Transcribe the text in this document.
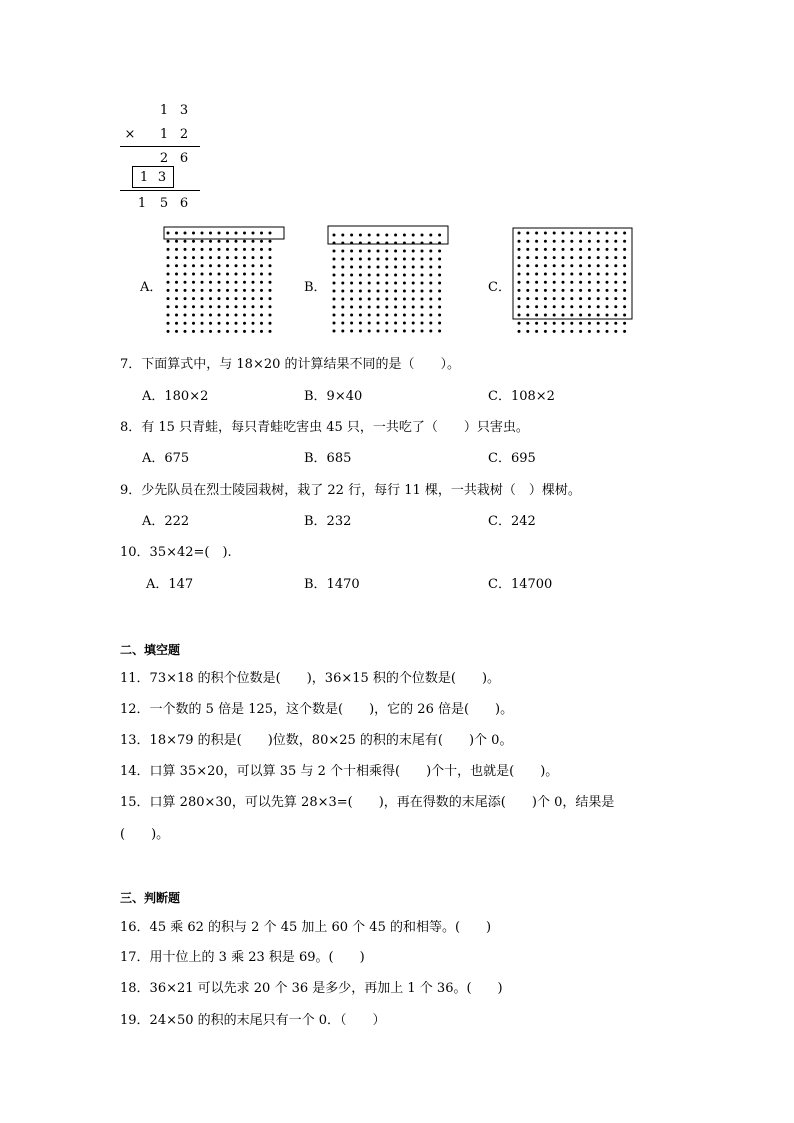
1 3
× 1 2
2 6
1 3
1 5 6
A．	B．	C．
7．下面算式中，与 18×20 的计算结果不同的是（　　）。
A．180×2	B．9×40	C．108×2
8．有 15 只青蛙，每只青蛙吃害虫 45 只，一共吃了（　　）只害虫。
A．675	B．685	C．695
9．少先队员在烈士陵园栽树，栽了 22 行，每行 11 棵，一共栽树（　）棵树。
A．222	B．232	C．242
10．35×42=(　).
A．147	B．1470	C．14700
二、填空题
11．73×18 的积个位数是(　　)，36×15 积的个位数是(　　)。
12．一个数的 5 倍是 125，这个数是(　　)，它的 26 倍是(　　)。
13．18×79 的积是(　　)位数，80×25 的积的末尾有(　　)个 0。
14．口算 35×20，可以算 35 与 2 个十相乘得(　　)个十，也就是(　　)。
15．口算 280×30，可以先算 28×3=(　　)，再在得数的末尾添(　　)个 0，结果是
(　　)。
三、判断题
16．45 乘 62 的积与 2 个 45 加上 60 个 45 的和相等。(　　)
17．用十位上的 3 乘 23 积是 69。(　　)
18．36×21 可以先求 20 个 36 是多少，再加上 1 个 36。(　　)
19．24×50 的积的末尾只有一个 0．（　　）
